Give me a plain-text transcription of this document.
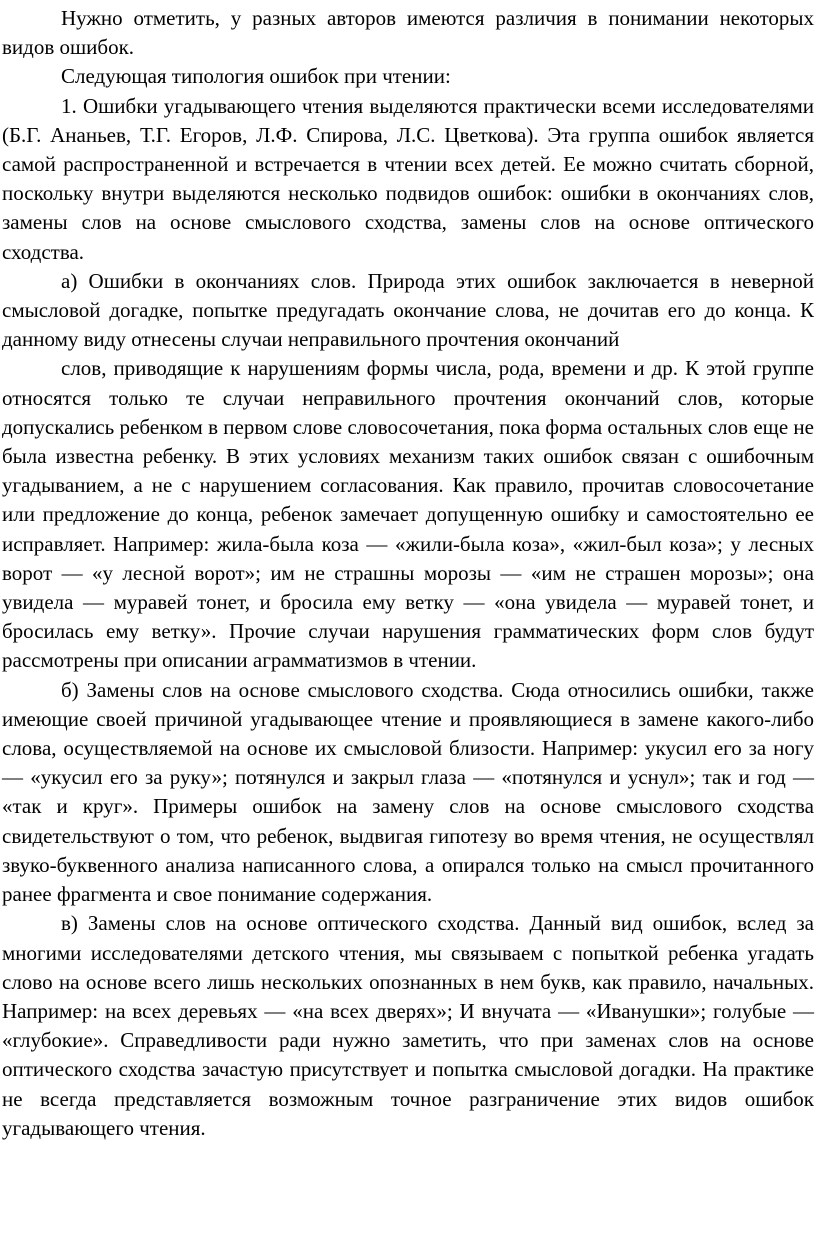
Нужно отметить, у разных авторов имеются различия в понимании некоторых видов ошибок.

Следующая типология ошибок при чтении:

1. Ошибки угадывающего чтения выделяются практически всеми исследователями (Б.Г. Ананьев, Т.Г. Егоров, Л.Ф. Спирова, Л.С. Цветкова). Эта группа ошибок является самой распространенной и встречается в чтении всех детей. Ее можно считать сборной, поскольку внутри выделяются несколько подвидов ошибок: ошибки в окончаниях слов, замены слов на основе смыслового сходства, замены слов на основе оптического сходства.

а) Ошибки в окончаниях слов. Природа этих ошибок заключается в неверной смысловой догадке, попытке предугадать окончание слова, не дочитав его до конца. К данному виду отнесены случаи неправильного прочтения окончаний

слов, приводящие к нарушениям формы числа, рода, времени и др. К этой группе относятся только те случаи неправильного прочтения окончаний слов, которые допускались ребенком в первом слове словосочетания, пока форма остальных слов еще не была известна ребенку. В этих условиях механизм таких ошибок связан с ошибочным угадыванием, а не с нарушением согласования. Как правило, прочитав словосочетание или предложение до конца, ребенок замечает допущенную ошибку и самостоятельно ее исправляет. Например: жила-была коза — «жили-была коза», «жил-был коза»; у лесных ворот — «у лесной ворот»; им не страшны морозы — «им не страшен морозы»; она увидела — муравей тонет, и бросила ему ветку — «она увидела — муравей тонет, и бросилась ему ветку». Прочие случаи нарушения грамматических форм слов будут рассмотрены при описании аграмматизмов в чтении.

б) Замены слов на основе смыслового сходства. Сюда относились ошибки, также имеющие своей причиной угадывающее чтение и проявляющиеся в замене какого-либо слова, осуществляемой на основе их смысловой близости. Например: укусил его за ногу — «укусил его за руку»; потянулся и закрыл глаза — «потянулся и уснул»; так и год — «так и круг». Примеры ошибок на замену слов на основе смыслового сходства свидетельствуют о том, что ребенок, выдвигая гипотезу во время чтения, не осуществлял звуко-буквенного анализа написанного слова, а опирался только на смысл прочитанного ранее фрагмента и свое понимание содержания.

в) Замены слов на основе оптического сходства. Данный вид ошибок, вслед за многими исследователями детского чтения, мы связываем с попыткой ребенка угадать слово на основе всего лишь нескольких опознанных в нем букв, как правило, начальных. Например: на всех деревьях — «на всех дверях»; И внучата — «Иванушки»; голубые — «глубокие». Справедливости ради нужно заметить, что при заменах слов на основе оптического сходства зачастую присутствует и попытка смысловой догадки. На практике не всегда представляется возможным точное разграничение этих видов ошибок угадывающего чтения.
